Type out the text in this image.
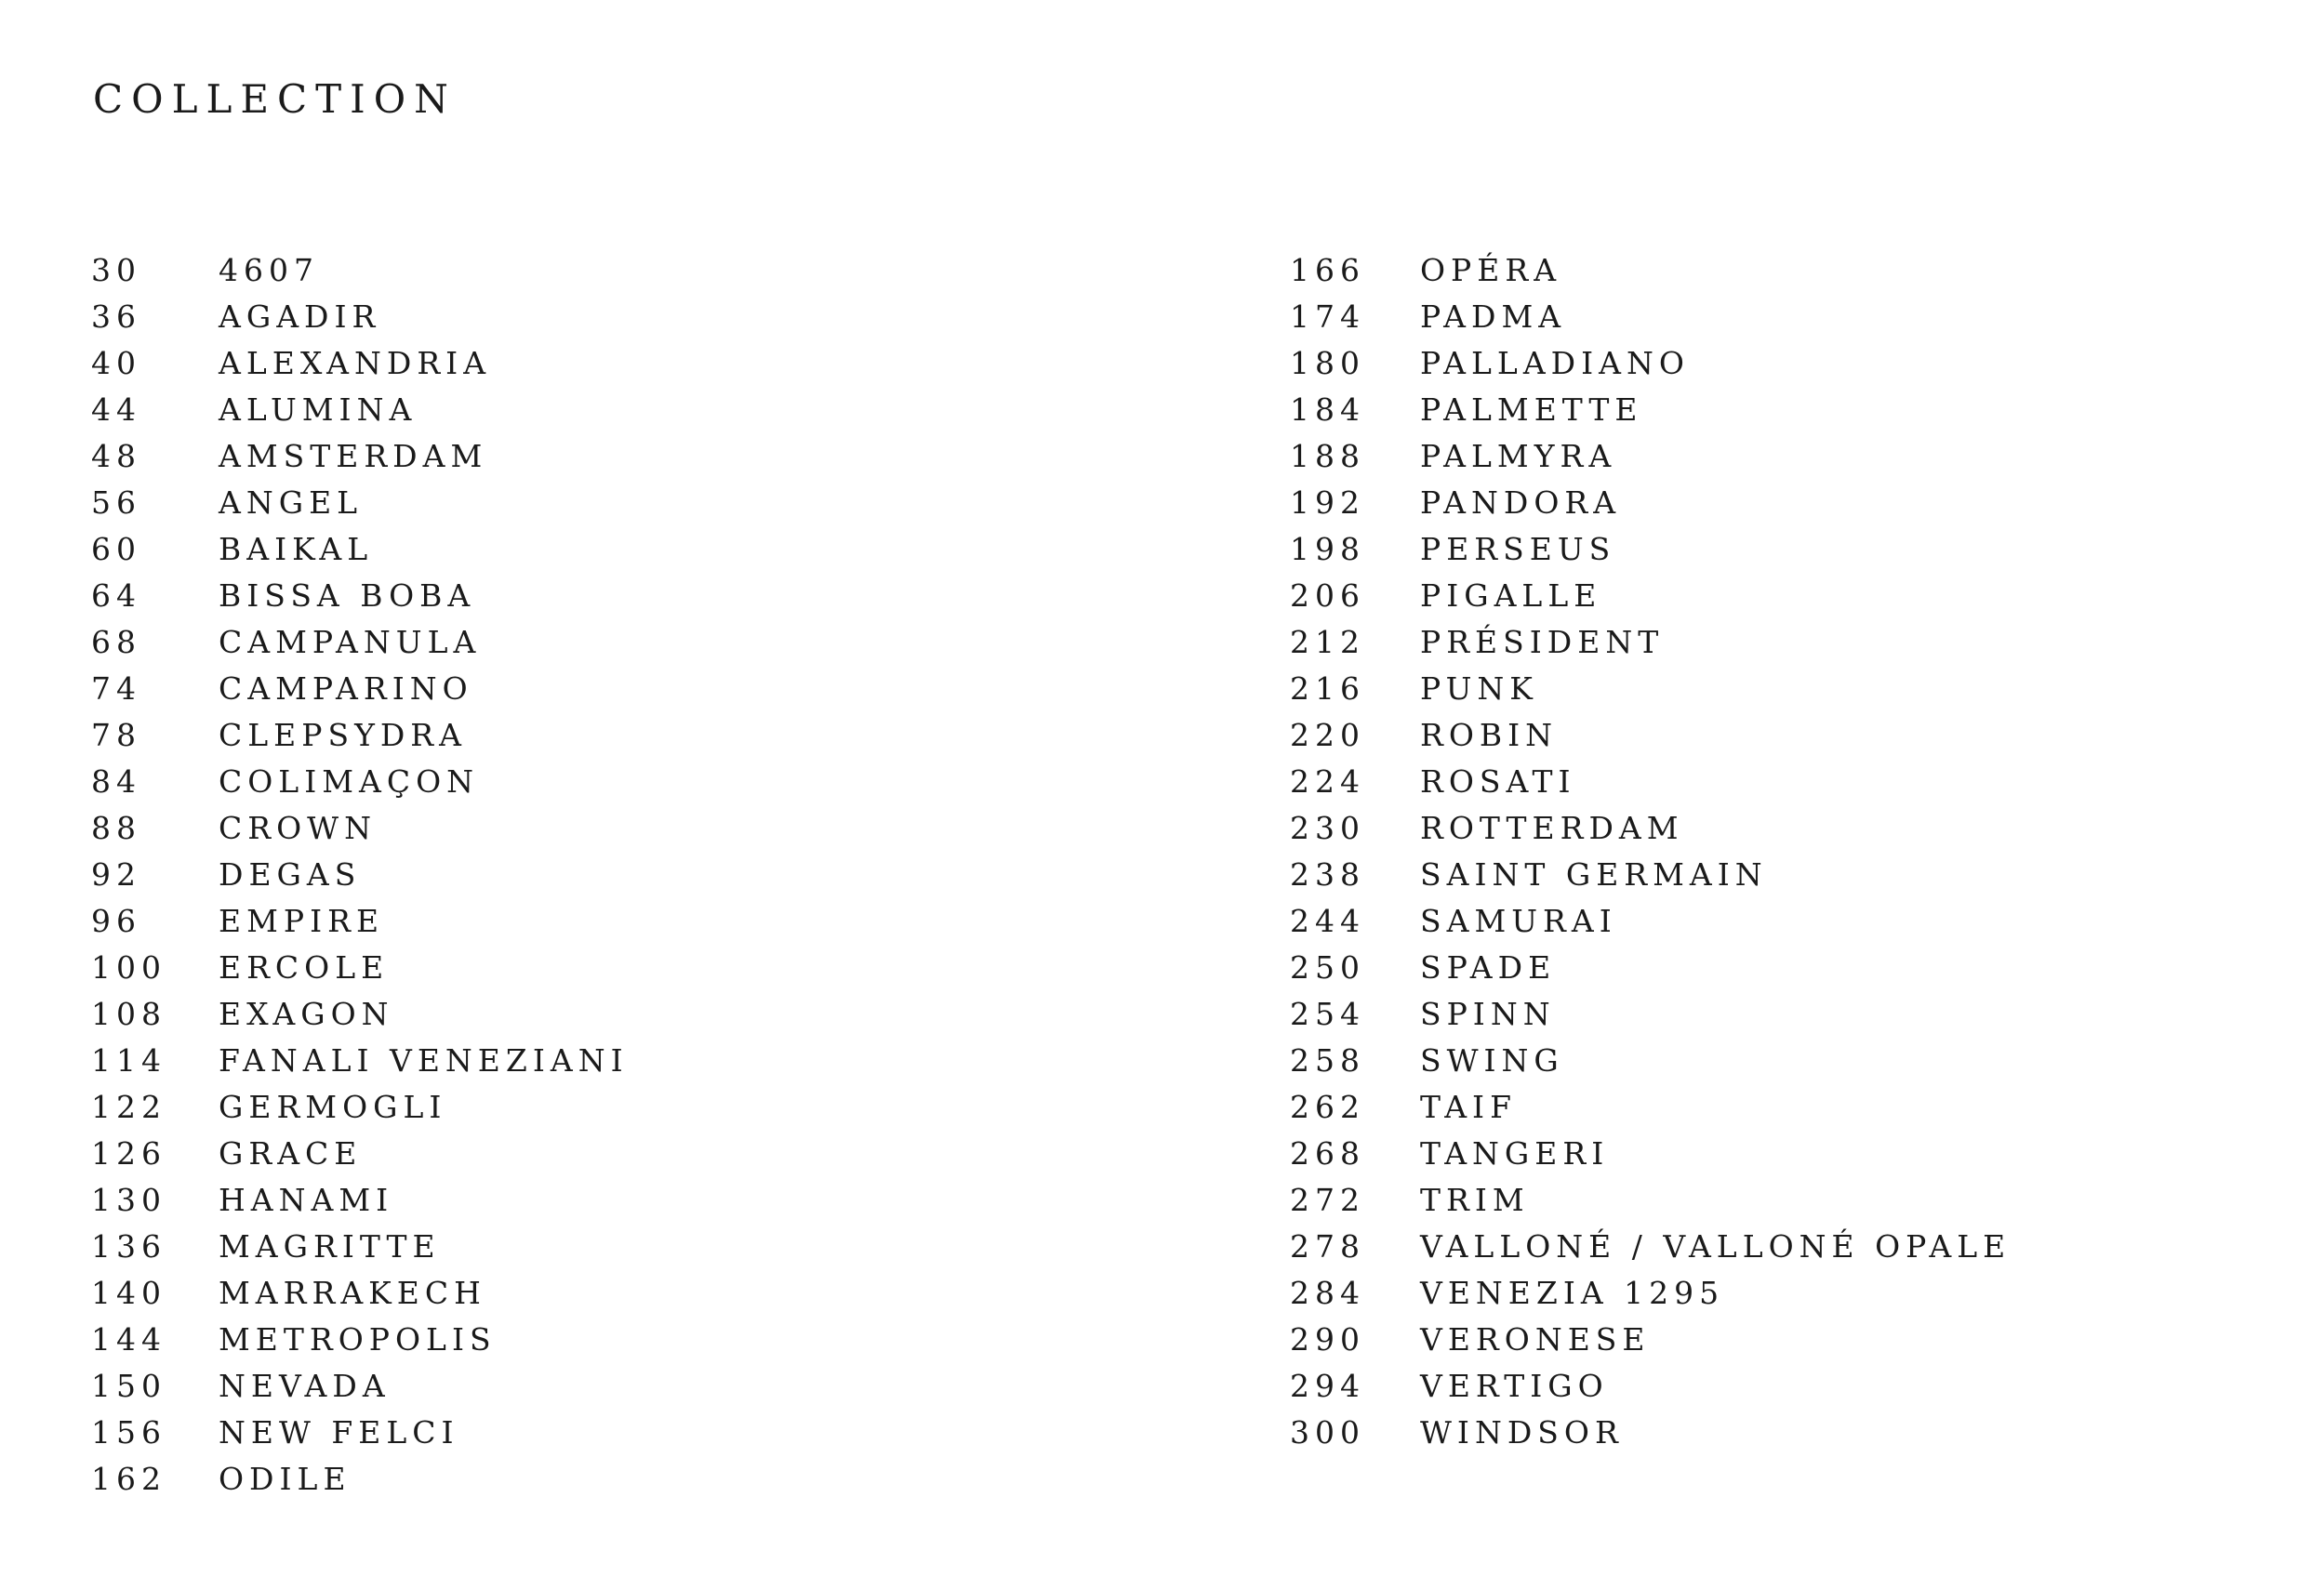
COLLECTION
30	4607
36	AGADIR
40	ALEXANDRIA
44	ALUMINA
48	AMSTERDAM
56	ANGEL
60	BAIKAL
64	BISSA BOBA
68	CAMPANULA
74	CAMPARINO
78	CLEPSYDRA
84	COLIMAÇON
88	CROWN
92	DEGAS
96	EMPIRE
100	ERCOLE
108	EXAGON
114	FANALI VENEZIANI
122	GERMOGLI
126	GRACE
130	HANAMI
136	MAGRITTE
140	MARRAKECH
144	METROPOLIS
150	NEVADA
156	NEW FELCI
162	ODILE
166	OPÉRA
174	PADMA
180	PALLADIANO
184	PALMETTE
188	PALMYRA
192	PANDORA
198	PERSEUS
206	PIGALLE
212	PRÉSIDENT
216	PUNK
220	ROBIN
224	ROSATI
230	ROTTERDAM
238	SAINT GERMAIN
244	SAMURAI
250	SPADE
254	SPINN
258	SWING
262	TAIF
268	TANGERI
272	TRIM
278	VALLONÉ / VALLONÉ OPALE
284	VENEZIA 1295
290	VERONESE
294	VERTIGO
300	WINDSOR
